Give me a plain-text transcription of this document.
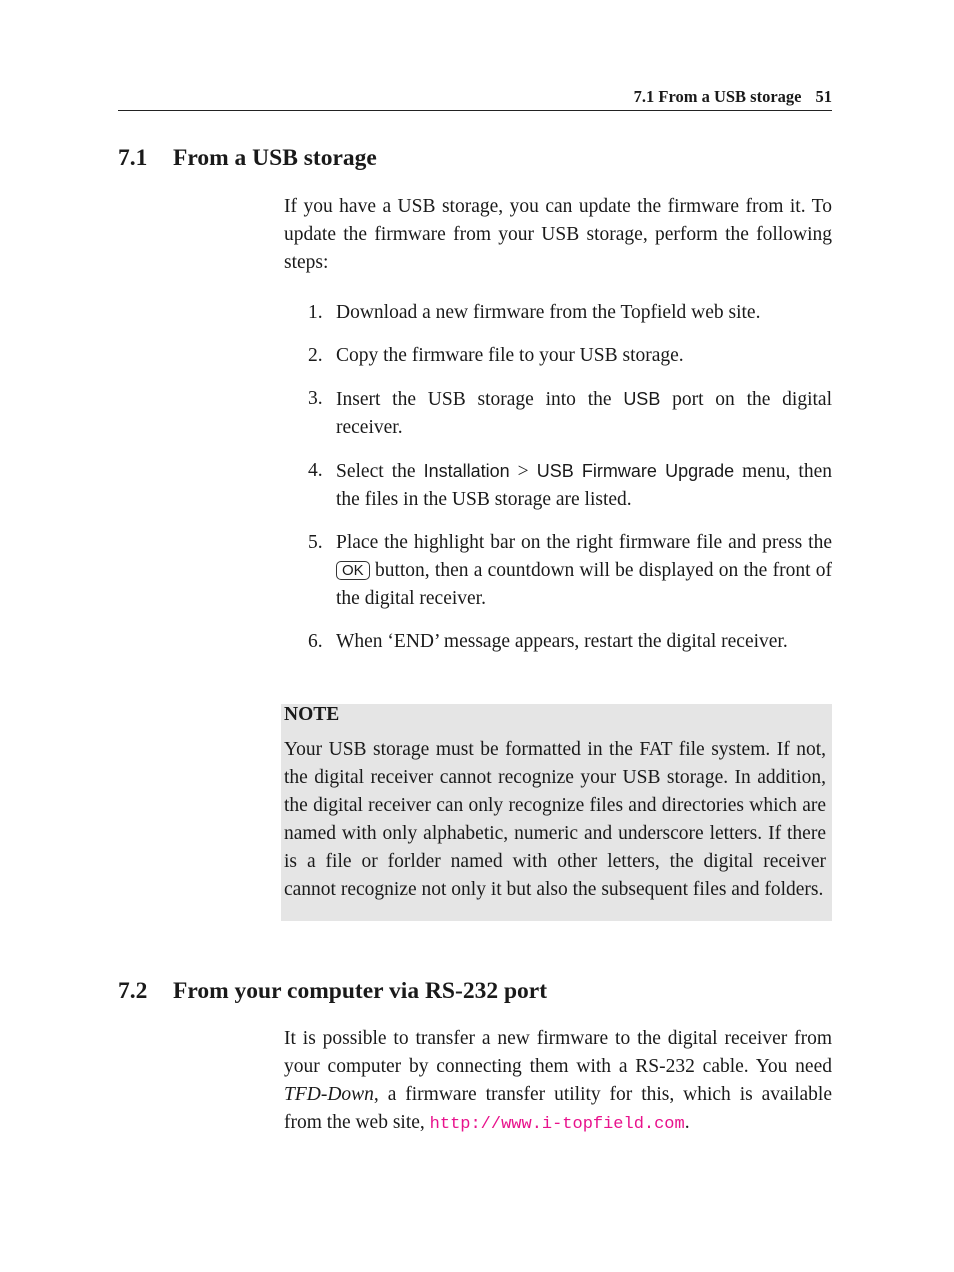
7.1 From a USB storage 51
7.1 From a USB storage

If you have a USB storage, you can update the firmware from it. To update the firmware from your USB storage, perform the following steps:

1. Download a new firmware from the Topfield web site.
2. Copy the firmware file to your USB storage.
3. Insert the USB storage into the USB port on the digital receiver.
4. Select the Installation > USB Firmware Upgrade menu, then the files in the USB storage are listed.
5. Place the highlight bar on the right firmware file and press the OK button, then a countdown will be displayed on the front of the digital receiver.
6. When ‘END’ message appears, restart the digital receiver.
NOTE
Your USB storage must be formatted in the FAT file system. If not, the digital receiver cannot recognize your USB storage. In addition, the digital receiver can only recognize files and directories which are named with only alphabetic, numeric and underscore letters. If there is a file or forlder named with other letters, the digital receiver cannot recognize not only it but also the subsequent files and folders.
7.2 From your computer via RS-232 port

It is possible to transfer a new firmware to the digital receiver from your computer by connecting them with a RS-232 cable. You need TFD-Down, a firmware transfer utility for this, which is available from the web site, http://www.i-topfield.com.
